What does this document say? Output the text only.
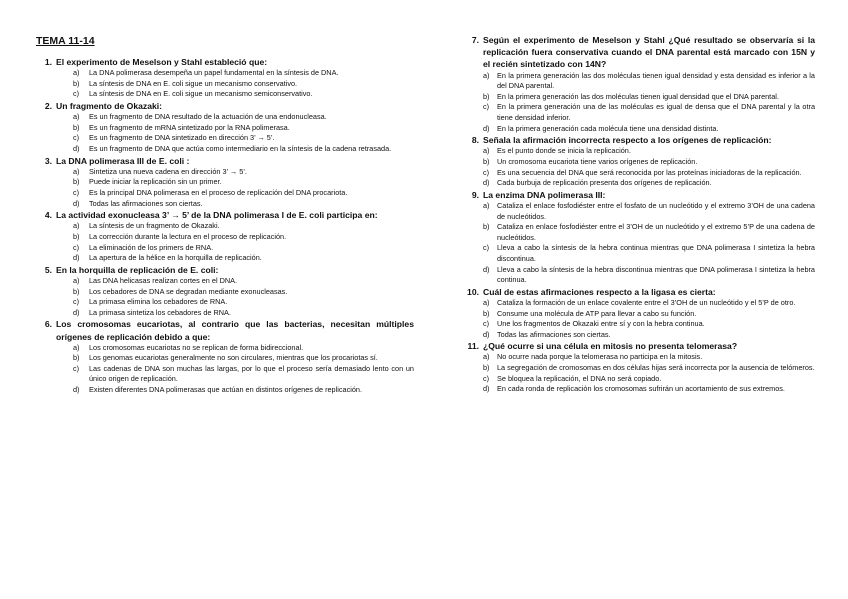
TEMA 11-14
1. El experimento de Meselson y Stahl estableció que:
a)	La DNA polimerasa desempeña un papel fundamental en la síntesis de DNA.
b)	La síntesis de DNA en E. coli sigue un mecanismo conservativo.
c)	La síntesis de DNA en E. coli sigue un mecanismo semiconservativo.
2. Un fragmento de Okazaki:
a)	Es un fragmento de DNA resultado de la actuación de una endonucleasa.
b)	Es un fragmento de mRNA sintetizado por la RNA polimerasa.
c)	Es un fragmento de DNA sintetizado en dirección 3’ → 5’.
d)	Es un fragmento de DNA que actúa como intermediario en la síntesis de la cadena retrasada.
3. La DNA polimerasa III de E. coli :
a)	Sintetiza una nueva cadena en dirección 3’ → 5’.
b)	Puede iniciar la replicación sin un primer.
c)	Es la principal DNA polimerasa en el proceso de replicación del DNA procariota.
d)	Todas las afirmaciones son ciertas.
4. La actividad exonucleasa 3’ → 5’ de la DNA polimerasa I de E. coli participa en:
a)	La síntesis de un fragmento de Okazaki.
b)	La corrección durante la lectura en el proceso de replicación.
c)	La eliminación de los primers de RNA.
d)	La apertura de la hélice en la horquilla de replicación.
5. En la horquilla de replicación de E. coli:
a)	Las DNA helicasas realizan cortes en el DNA.
b)	Los cebadores de DNA se degradan mediante exonucleasas.
c)	La primasa elimina los cebadores de RNA.
d)	La primasa sintetiza los cebadores de RNA.
6. Los cromosomas eucariotas, al contrario que las bacterias, necesitan múltiples orígenes de replicación debido a que:
a)	Los cromosomas eucariotas no se replican de forma bidireccional.
b)	Los genomas eucariotas generalmente no son circulares, mientras que los procariotas sí.
c)	Las cadenas de DNA son muchas las largas, por lo que el proceso sería demasiado lento con un único origen de replicación.
d)	Existen diferentes DNA polimerasas que actúan en distintos orígenes de replicación.
7. Según el experimento de Meselson y Stahl ¿Qué resultado se observaría si la replicación fuera conservativa cuando el DNA parental está marcado con 15N y el recién sintetizado con 14N?
a)	En la primera generación las dos moléculas tienen igual densidad y esta densidad es inferior a la del DNA parental.
b)	En la primera generación las dos moléculas tienen igual densidad que el DNA parental.
c)	En la primera generación una de las moléculas es igual de densa que el DNA parental y la otra tiene densidad inferior.
d)	En la primera generación cada molécula tiene una densidad distinta.
8. Señala la afirmación incorrecta respecto a los orígenes de replicación:
a)	Es el punto donde se inicia la replicación.
b)	Un cromosoma eucariota tiene varios orígenes de replicación.
c)	Es una secuencia del DNA que será reconocida por las proteínas iniciadoras de la replicación.
d)	Cada burbuja de replicación presenta dos orígenes de replicación.
9. La enzima DNA polimerasa III:
a)	Cataliza el enlace fosfodiéster entre el fosfato de un nucleótido y el extremo 3’OH de una cadena de nucleótidos.
b)	Cataliza en enlace fosfodiéster entre el 3’OH de un nucleótido y el extremo 5’P de una cadena de nucleótidos.
c)	Lleva a cabo la síntesis de la hebra continua mientras que DNA polimerasa I sintetiza la hebra discontinua.
d)	Lleva a cabo la síntesis de la hebra discontinua mientras que DNA polimerasa I sintetiza la hebra continua.
10. Cuál de estas afirmaciones respecto a la ligasa es cierta:
a)	Cataliza la formación de un enlace covalente entre el 3’OH de un nucleótido y el 5’P de otro.
b)	Consume una molécula de ATP para llevar a cabo su función.
c)	Une los fragmentos de Okazaki entre sí y con la hebra continua.
d)	Todas las afirmaciones son ciertas.
11. ¿Qué ocurre si una célula en mitosis no presenta telomerasa?
a)	No ocurre nada porque la telomerasa no participa en la mitosis.
b)	La segregación de cromosomas en dos células hijas será incorrecta por la ausencia de telómeros.
c)	Se bloquea la replicación, el DNA no será copiado.
d)	En cada ronda de replicación los cromosomas sufrirán un acortamiento de sus extremos.
